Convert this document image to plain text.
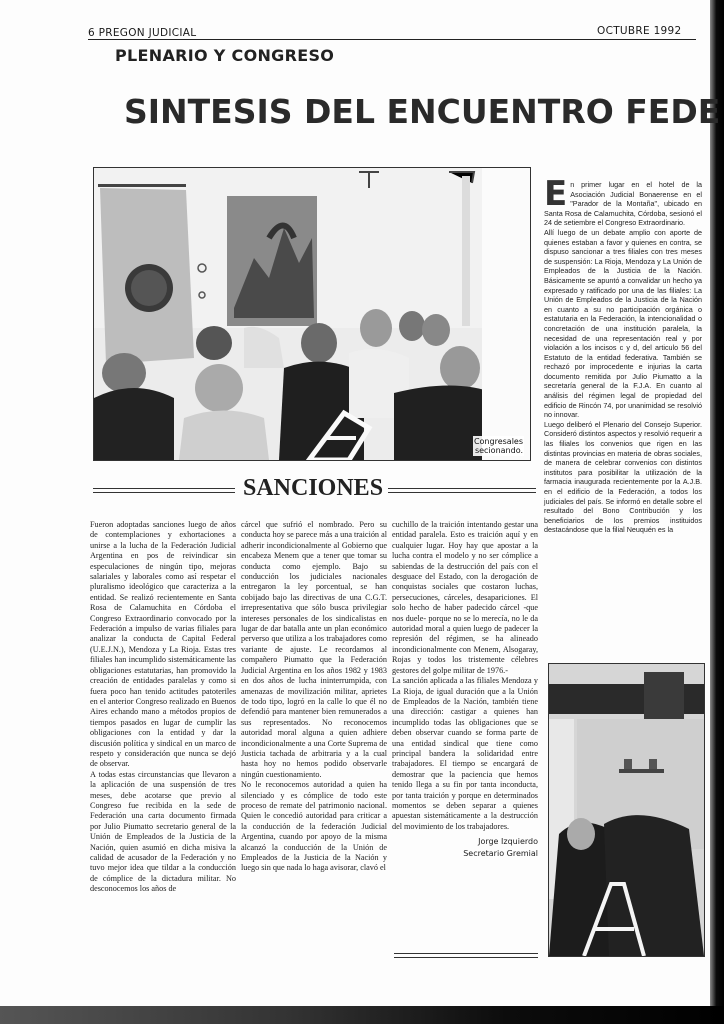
6 PREGON JUDICIAL	OCTUBRE 1992
PLENARIO Y CONGRESO
SINTESIS DEL ENCUENTRO FEDE
Congresales
secionando.
E n primer lugar en el hotel de la Asociación Judicial Bonaerense en el "Parador de la Montaña", ubicado en Santa Rosa de Calamuchita, Córdoba, sesionó el 24 de setiembre el Congreso Extraordinario.

Allí luego de un debate amplio con aporte de quienes estaban a favor y quienes en contra, se dispuso sancionar a tres filiales con tres meses de suspensión: La Rioja, Mendoza y La Unión de Empleados de la Justicia de la Nación. Básicamente se apuntó a convalidar un hecho ya expresado y ratificado por una de las filiales: La Unión de Empleados de la Justicia de la Nación en cuanto a su no participación orgánica o estatutaria en la Federación, la intencionalidad o concretación de una institución paralela, la necesidad de una representación real y por violación a los incisos c y d, del articulo 56 del Estatuto de la entidad federativa. También se rechazó por improcedente e injurias la carta documento remitida por Julio Piumatto a la secretaría general de la F.J.A. En cuanto al análisis del régimen legal de propiedad del edificio de Rincón 74, por unanimidad se resolvió no innovar.

Luego deliberó el Plenario del Consejo Superior. Consideró distintos aspectos y resolvió requerir a las filiales los convenios que rigen en las distintas provincias en materia de obras sociales, de manera de celebrar convenios con distintos institutos para posibilitar la utilización de la farmacia inaugurada recientemente por la A.J.B. en el edificio de la Federación, a todos los judiciales del país. Se informó en detalle sobre el resultado del Bono Contribución y los beneficiarios de los premios instituidos destacándose que la filial Neuquén es la

SANCIONES

Fueron adoptadas sanciones luego de años de contemplaciones y exhortaciones a unirse a la lucha de la Federación Judicial Argentina en pos de reivindicar sin especulaciones de ningún tipo, mejoras salariales y laborales como así respetar el pluralismo ideológico que caracteriza a la entidad. Se realizó recientemente en Santa Rosa de Calamuchita en Córdoba el Congreso Extraordinario convocado por la Federación a impulso de varias filiales para analizar la conducta de Capital Federal (U.E.J.N.), Mendoza y La Rioja. Estas tres filiales han incumplido sistemáticamente las obligaciones estatutarias, han promovido la creación de entidades paralelas y como si fuera poco han tenido actitudes patoteriles en el anterior Congreso realizado en Buenos Aires echando mano a métodos propios de tiempos pasados en lugar de cumplir las obligaciones con la entidad y dar la discusión política y sindical en un marco de respeto y consideración que nunca se dejó de observar.

A todas estas circunstancias que llevaron a la aplicación de una suspensión de tres meses, debe acotarse que previo al Congreso fue recibida en la sede de Federación una carta documento firmada por Julio Piumatto secretario general de la Unión de Empleados de la Justicia de la Nación, quien asumió en dicha misiva la calidad de acusador de la Federación y no tuvo mejor idea que tildar a la conducción de cómplice de la dictadura militar. No desconocemos los años de

cárcel que sufrió el nombrado. Pero su conducta hoy se parece más a una traición al adherir incondicionalmente al Gobierno que encabeza Menem que a tener que tomar su conducta como ejemplo. Bajo su conducción los judiciales nacionales entregaron la ley porcentual, se han cobijado bajo las directivas de una C.G.T. irrepresentativa que sólo busca privilegiar intereses personales de los sindicalistas en lugar de dar batalla ante un plan económico perverso que utiliza a los trabajadores como variante de ajuste. Le recordamos al compañero Piumatto que la Federación Judicial Argentina en los años 1982 y 1983 en dos años de lucha ininterrumpida, con amenazas de movilización militar, aprietes de todo tipo, logró en la calle lo que él no defendió para mantener bien remunerados a sus representados. No reconocemos autoridad moral alguna a quien adhiere incondicionalmente a una Corte Suprema de Justicia tachada de arbitraria y a la cual hasta hoy no hemos podido observarle ningún cuestionamiento.

No le reconocemos autoridad a quien ha silenciado y es cómplice de todo este proceso de remate del patrimonio nacional. Quien le concedió autoridad para criticar a la conducción de la federación Judicial Argentina, cuando por apoyo de la misma alcanzó la conducción de la Unión de Empleados de la Justicia de la Nación y luego sin que nada lo haga avisorar, clavó el

cuchillo de la traición intentando gestar una entidad paralela. Esto es traición aquí y en cualquier lugar. Hoy hay que apostar a la lucha contra el modelo y no ser cómplice a sabiendas de la destrucción del país con el desguace del Estado, con la derogación de conquistas sociales que costaron luchas, persecuciones, cárceles, desapariciones. El solo hecho de haber padecido cárcel -que nos duele- porque no se lo merecía, no le da autoridad moral a quien luego de padecer la represión del régimen, se ha alineado incondicionalmente con Menem, Alsogaray, Rojas y todos los tristemente célebres gestores del golpe militar de 1976.-

La sanción aplicada a las filiales Mendoza y La Rioja, de igual duración que a la Unión de Empleados de la Nación, también tiene una dirección: castigar a quienes han incumplido todas las obligaciones que se deben observar cuando se forma parte de una entidad sindical que tiene como principal bandera la solidaridad entre trabajadores. El tiempo se encargará de demostrar que la paciencia que hemos tenido llega a su fin por tanta inconducta, por tanta traición y porque en determinados momentos se deben separar a quienes apuestan sistemáticamente a la destrucción del movimiento de los trabajadores.

Jorge Izquierdo
Secretario Gremial
